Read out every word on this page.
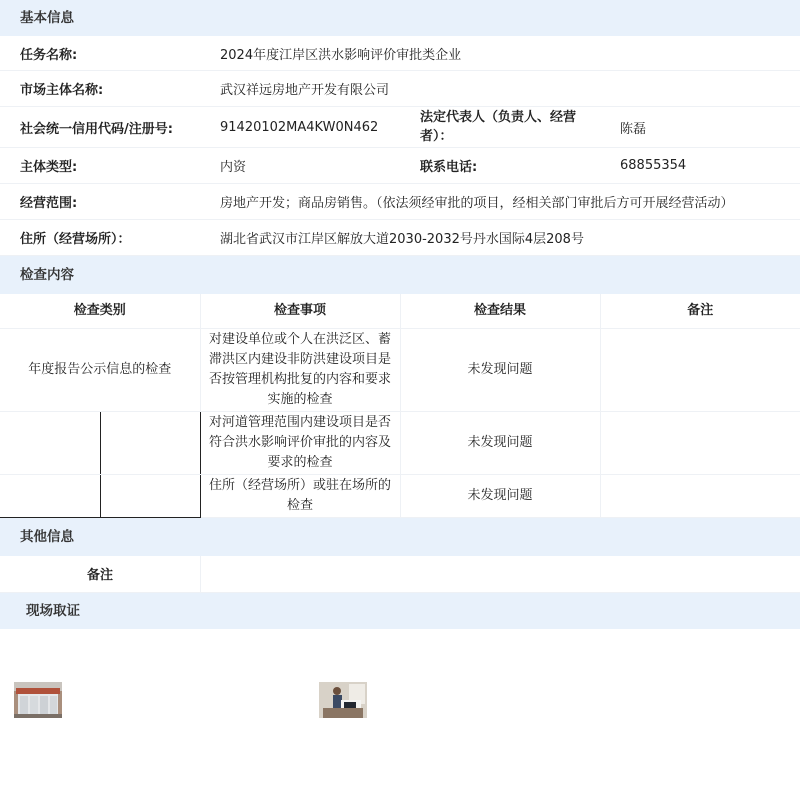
基本信息
任务名称:	2024年度江岸区洪水影响评价审批类企业
市场主体名称:	武汉祥远房地产开发有限公司
社会统一信用代码/注册号:	91420102MA4KW0N462
法定代表人（负责人、经营者）：	陈磊
主体类型:	内资	联系电话:	68855354
经营范围:	房地产开发；商品房销售。（依法须经审批的项目，经相关部门审批后方可开展经营活动）
住所（经营场所）：	湖北省武汉市江岸区解放大道2030-2032号丹水国际4层208号
检查内容
检查类别		检查事项	检查结果	备注
年度报告公示信息的检查		对建设单位或个人在洪泛区、蓄滞洪区内建设非防洪建设项目是否按管理机构批复的内容和要求实施的检查	未发现问题	
		对河道管理范围内建设项目是否符合洪水影响评价审批的内容及要求的检查	未发现问题	
		住所（经营场所）或驻在场所的检查	未发现问题	
其他信息
备注
现场取证
